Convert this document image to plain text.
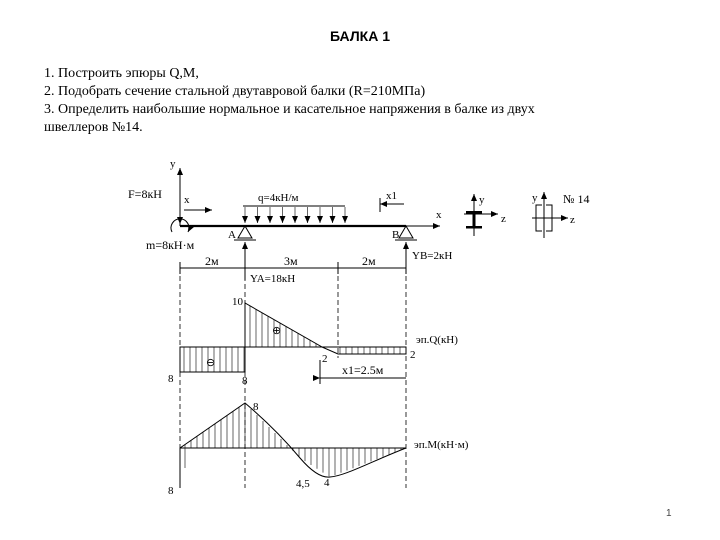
БАЛКА 1
1. Построить эпюры Q,M,
2. Подобрать сечение стальной двутавровой балки (R=210МПа)
3. Определить наибольшие нормальное и касательное напряжения в балке из двух
швеллеров №14.
y
x
F=8кН
m=8кН·м
x	q=4кН/м
A	B
YA=18кН
YB=2кН
x1
2м	3м	2м
y
z
y
z
№ 14
10
8	8
2	2
⊕
⊖
эп.Q(кН)
x1=2.5м
8
8
4,5 4
эп.M(кН·м)
1
